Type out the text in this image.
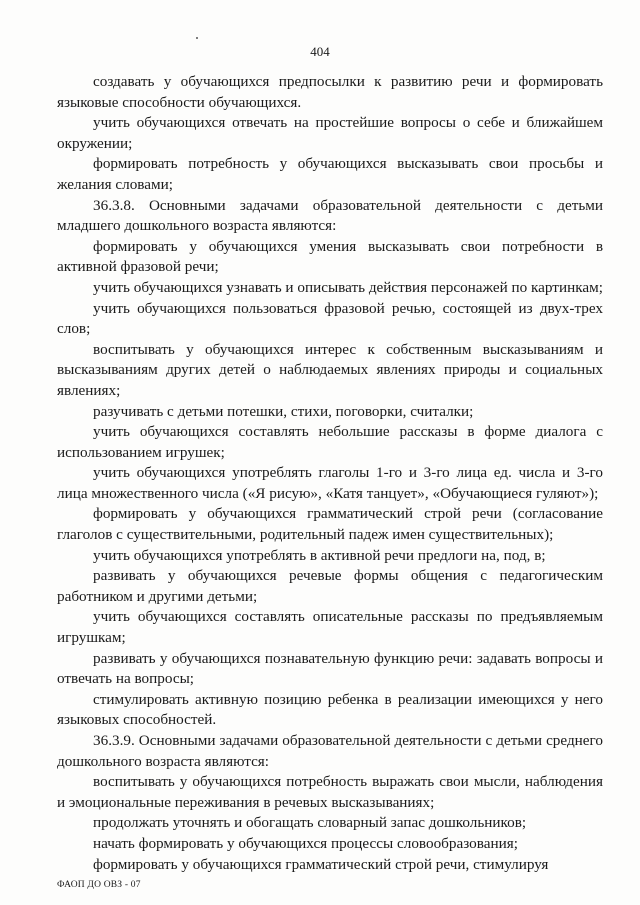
404

создавать у обучающихся предпосылки к развитию речи и формировать языковые способности обучающихся.

учить обучающихся отвечать на простейшие вопросы о себе и ближайшем окружении;

формировать потребность у обучающихся высказывать свои просьбы и желания словами;

36.3.8. Основными задачами образовательной деятельности с детьми младшего дошкольного возраста являются:

формировать у обучающихся умения высказывать свои потребности в активной фразовой речи;

учить обучающихся узнавать и описывать действия персонажей по картинкам;

учить обучающихся пользоваться фразовой речью, состоящей из двух-трех слов;

воспитывать у обучающихся интерес к собственным высказываниям и высказываниям других детей о наблюдаемых явлениях природы и социальных явлениях;

разучивать с детьми потешки, стихи, поговорки, считалки;

учить обучающихся составлять небольшие рассказы в форме диалога с использованием игрушек;

учить обучающихся употреблять глаголы 1-го и 3-го лица ед. числа и 3-го лица множественного числа («Я рисую», «Катя танцует», «Обучающиеся гуляют»);

формировать у обучающихся грамматический строй речи (согласование глаголов с существительными, родительный падеж имен существительных);

учить обучающихся употреблять в активной речи предлоги на, под, в;

развивать у обучающихся речевые формы общения с педагогическим работником и другими детьми;

учить обучающихся составлять описательные рассказы по предъявляемым игрушкам;

развивать у обучающихся познавательную функцию речи: задавать вопросы и отвечать на вопросы;

стимулировать активную позицию ребенка в реализации имеющихся у него языковых способностей.

36.3.9. Основными задачами образовательной деятельности с детьми среднего дошкольного возраста являются:

воспитывать у обучающихся потребность выражать свои мысли, наблюдения и эмоциональные переживания в речевых высказываниях;

продолжать уточнять и обогащать словарный запас дошкольников;

начать формировать у обучающихся процессы словообразования;

формировать у обучающихся грамматический строй речи, стимулируя

ФАОП ДО ОВЗ - 07
